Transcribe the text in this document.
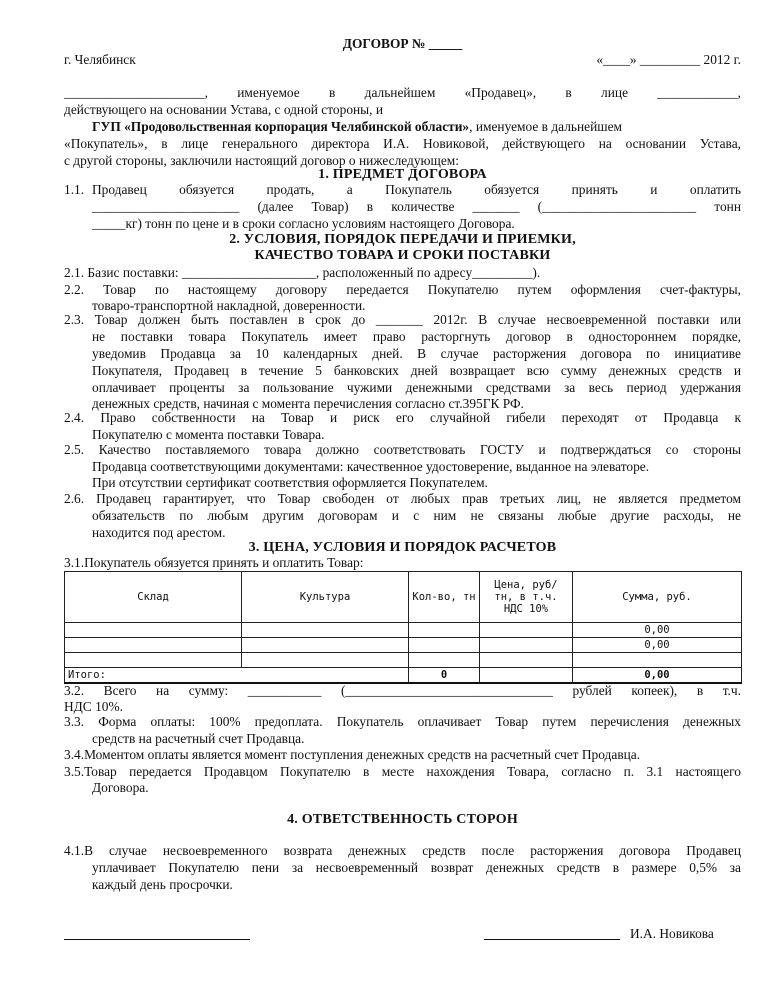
ДОГОВОР № _____
г. Челябинск	«____» _________ 2012 г.
_____________________, именуемое в дальнейшем «Продавец», в лице ____________,
действующего на основании Устава, с одной стороны, и
ГУП «Продовольственная корпорация Челябинской области», именуемое в дальнейшем
«Покупатель», в лице генерального директора И.А. Новиковой, действующего на основании Устава,
с другой стороны, заключили настоящий договор о нижеследующем:
1. ПРЕДМЕТ ДОГОВОРА
1.1. Продавец обязуется продать, а Покупатель обязуется принять и оплатить
______________________ (далее Товар) в количестве _______ (_______________________ тонн
_____кг) тонн по цене и в сроки согласно условиям настоящего Договора.
2. УСЛОВИЯ, ПОРЯДОК ПЕРЕДАЧИ И ПРИЕМКИ,
КАЧЕСТВО ТОВАРА И СРОКИ ПОСТАВКИ
2.1. Базис поставки: ____________________, расположенный по адресу_________).
2.2. Товар по настоящему договору передается Покупателю путем оформления счет-фактуры,
товаро-транспортной накладной, доверенности.
2.3. Товар должен быть поставлен в срок до _______ 2012г. В случае несвоевременной поставки или
не поставки товара Покупатель имеет право расторгнуть договор в одностороннем порядке,
уведомив Продавца за 10 календарных дней. В случае расторжения договора по инициативе
Покупателя, Продавец в течение 5 банковских дней возвращает всю сумму денежных средств и
оплачивает проценты за пользование чужими денежными средствами за весь период удержания
денежных средств, начиная с момента перечисления согласно ст.395ГК РФ.
2.4. Право собственности на Товар и риск его случайной гибели переходят от Продавца к
Покупателю с момента поставки Товара.
2.5. Качество поставляемого товара должно соответствовать ГОСТУ и подтверждаться со стороны
Продавца соответствующими документами: качественное удостоверение, выданное на элеваторе.
При отсутствии сертификат соответствия оформляется Покупателем.
2.6. Продавец гарантирует, что Товар свободен от любых прав третьих лиц, не является предметом
обязательств по любым другим договорам и с ним не связаны любые другие расходы, не
находится под арестом.
3. ЦЕНА, УСЛОВИЯ И ПОРЯДОК РАСЧЕТОВ
3.1.Покупатель обязуется принять и оплатить Товар:
Склад	Культура	Кол-во, тн	Цена, руб/тн, в т.ч. НДС 10%	Сумма, руб.
				0,00
				0,00

Итого:		0		0,00
3.2. Всего на сумму: ___________ (_______________________________ рублей копеек), в т.ч.
НДС 10%.
3.3. Форма оплаты: 100% предоплата. Покупатель оплачивает Товар путем перечисления денежных
средств на расчетный счет Продавца.
3.4.Моментом оплаты является момент поступления денежных средств на расчетный счет Продавца.
3.5.Товар передается Продавцом Покупателю в месте нахождения Товара, согласно п. 3.1 настоящего
Договора.
4. ОТВЕТСТВЕННОСТЬ СТОРОН
4.1.В случае несвоевременного возврата денежных средств после расторжения договора Продавец
уплачивает Покупателю пени за несвоевременный возврат денежных средств в размере 0,5% за
каждый день просрочки.
И.А. Новикова
